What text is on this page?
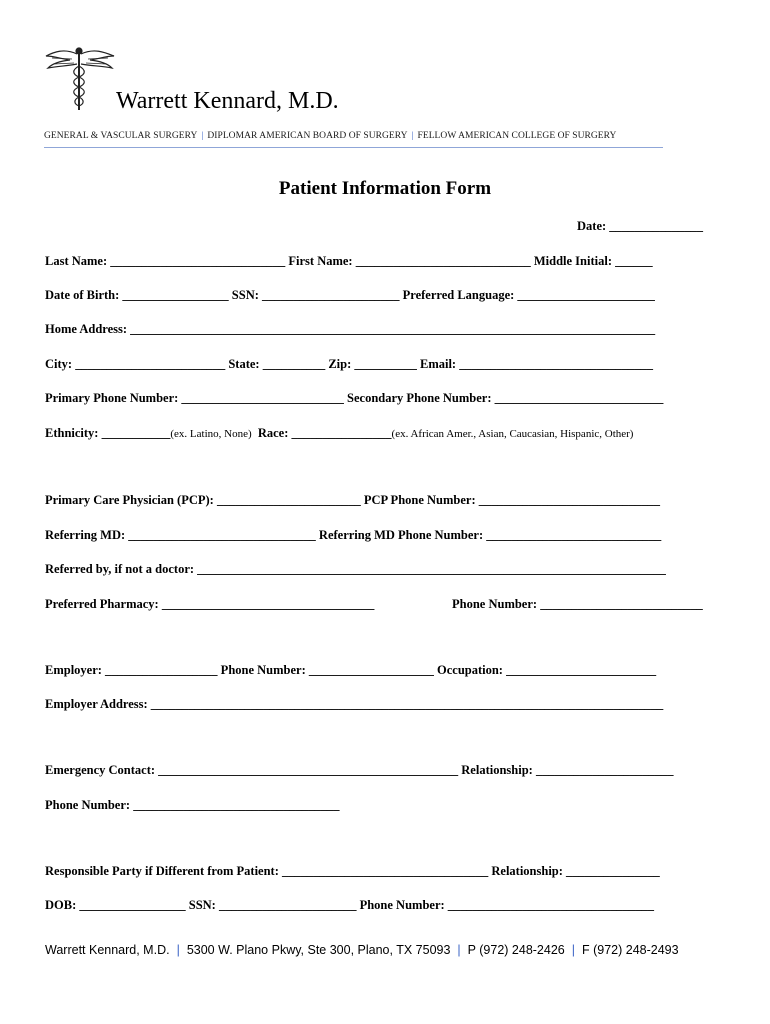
Warrett Kennard, M.D.
GENERAL & VASCULAR SURGERY | DIPLOMAR AMERICAN BOARD OF SURGERY | FELLOW AMERICAN COLLEGE OF SURGERY
Patient Information Form
Date: _______________
Last Name: ____________________________ First Name: ____________________________ Middle Initial: ______
Date of Birth: _________________ SSN: ______________________ Preferred Language: ______________________
Home Address: ____________________________________________________________________________________
City: ________________________ State: __________ Zip: __________ Email: _______________________________
Primary Phone Number: __________________________ Secondary Phone Number: ___________________________
Ethnicity: ___________(ex. Latino, None) Race: ________________(ex. African Amer., Asian, Caucasian, Hispanic, Other)
Primary Care Physician (PCP): _______________________ PCP Phone Number: _____________________________
Referring MD: ______________________________ Referring MD Phone Number: ____________________________
Referred by, if not a doctor: ___________________________________________________________________________
Preferred Pharmacy: __________________________________	Phone Number: __________________________
Employer: __________________ Phone Number: ____________________ Occupation: ________________________
Employer Address: __________________________________________________________________________________
Emergency Contact: ________________________________________________ Relationship: ______________________
Phone Number: _________________________________
Responsible Party if Different from Patient: _________________________________ Relationship: _______________
DOB: _________________ SSN: ______________________ Phone Number: _________________________________
Warrett Kennard, M.D. | 5300 W. Plano Pkwy, Ste 300, Plano, TX 75093 | P (972) 248-2426 | F (972) 248-2493
